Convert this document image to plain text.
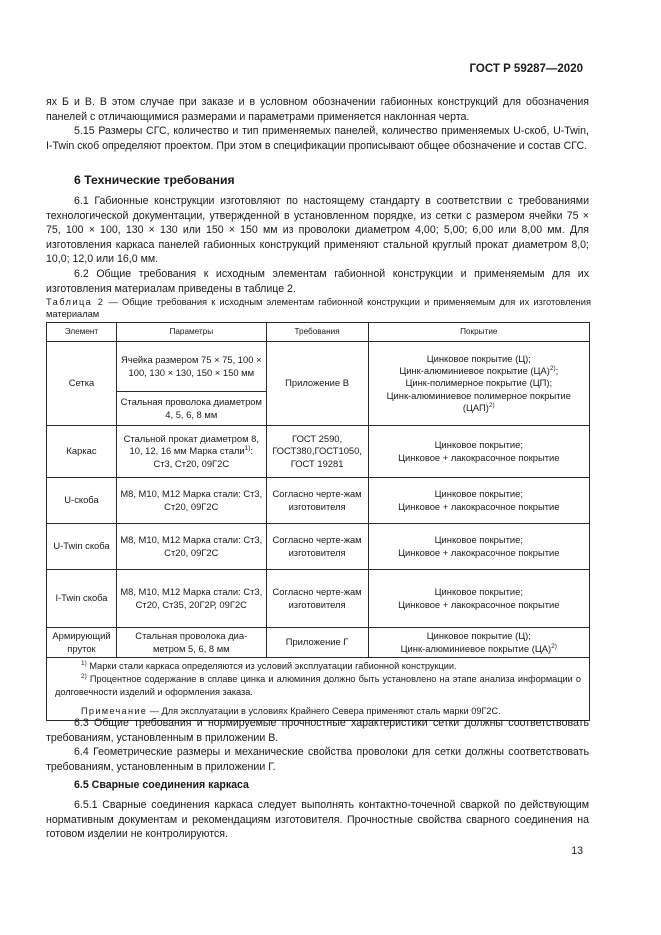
ГОСТ Р 59287—2020

ях Б и В. В этом случае при заказе и в условном обозначении габионных конструкций для обозначения панелей с отличающимися размерами и параметрами применяется наклонная черта.

5.15 Размеры СГС, количество и тип применяемых панелей, количество применяемых U-скоб, U-Twin, I-Twin скоб определяют проектом. При этом в спецификации прописывают общее обозначение и состав СГС.

6 Технические требования

6.1 Габионные конструкции изготовляют по настоящему стандарту в соответствии с требованиями технологической документации, утвержденной в установленном порядке, из сетки с размером ячейки 75 × 75, 100 × 100, 130 × 130 или 150 × 150 мм из проволоки диаметром 4,00; 5,00; 6,00 или 8,00 мм. Для изготовления каркаса панелей габионных конструкций применяют стальной круглый прокат диаметром 8,0; 10,0; 12,0 или 16,0 мм.

6.2 Общие требования к исходным элементам габионной конструкции и применяемым для их изготовления материалам приведены в таблице 2.

Таблица 2 — Общие требования к исходным элементам габионной конструкции и применяемым для их изготовления материалам
Элемент	Параметры	Требования	Покрытие
Сетка	Ячейка размером 75 × 75, 100 × 100, 130 × 130, 150 × 150 мм	Приложение В	Цинковое покрытие (Ц);
Цинк-алюминиевое покрытие (ЦА)$^{2)}$;
Цинк-полимерное покрытие (ЦП);
Цинк-алюминиевое полимерное покрытие (ЦАП)$^{2)}$
	Стальная проволока диаметром 4, 5, 6, 8 мм		
Каркас	Стальной прокат диаметром 8, 10, 12, 16 мм Марка стали$^{1)}$:
Ст3, Ст20, 09Г2С	ГОСТ 2590, ГОСТ380,ГОСТ1050, ГОСТ 19281	Цинковое покрытие;
Цинковое + лакокрасочное покрытие
U-скоба	М8, М10, М12 Марка стали: Ст3, Ст20, 09Г2С	Согласно черте-жам изготовителя	Цинковое покрытие;
Цинковое + лакокрасочное покрытие
U-Twin скоба	М8, М10, М12 Марка стали: Ст3, Ст20, 09Г2С	Согласно черте-жам изготовителя	Цинковое покрытие;
Цинковое + лакокрасочное покрытие
I-Twin скоба	М8, М10, М12 Марка стали: Ст3, Ст20, Ст35, 20Г2Р, 09Г2С	Согласно черте-жам изготовителя	Цинковое покрытие;
Цинковое + лакокрасочное покрытие
Армирующий пруток	Стальная проволока диа-метром 5, 6, 8 мм	Приложение Г	Цинковое покрытие (Ц);
Цинк-алюминиевое покрытие (ЦА)$^{2)}$

$^{1)}$ Марки стали каркаса определяются из условий эксплуатации габионной конструкции.
$^{2)}$ Процентное содержание в сплаве цинка и алюминия должно быть установлено на этапе анализа информации о долговечности изделий и оформления заказа.
Примечание — Для эксплуатации в условиях Крайнего Севера применяют сталь марки 09Г2С.			

6.3 Общие требования и нормируемые прочностные характеристики сетки должны соответствовать требованиям, установленным в приложении В.

6.4 Геометрические размеры и механические свойства проволоки для сетки должны соответствовать требованиям, установленным в приложении Г.

6.5 Сварные соединения каркаса

6.5.1 Сварные соединения каркаса следует выполнять контактно-точечной сваркой по действующим нормативным документам и рекомендациям изготовителя. Прочностные свойства сварного соединения на готовом изделии не контролируются.

13
